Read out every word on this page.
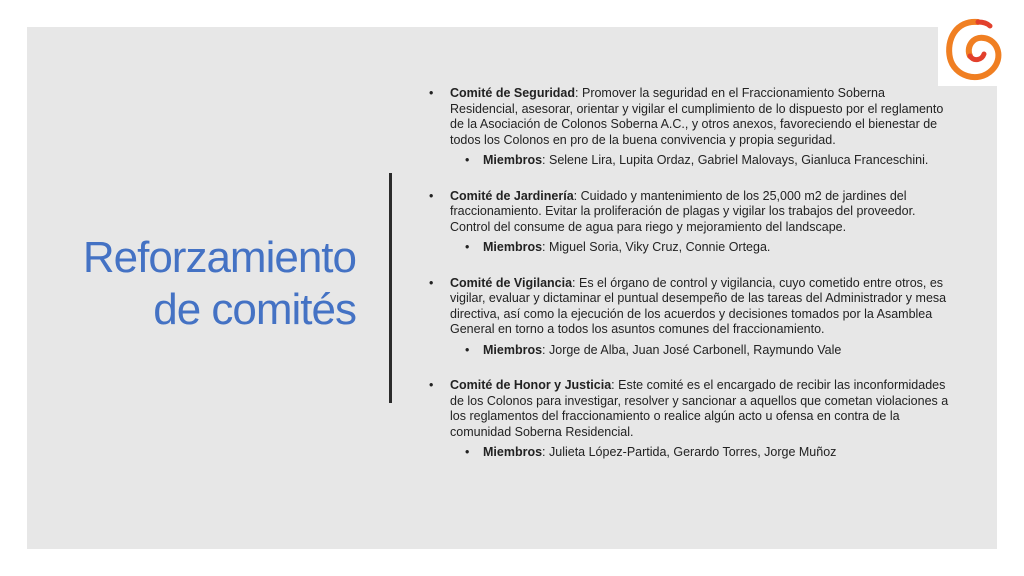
Reforzamiento
de comités
• Comité de Seguridad: Promover la seguridad en el Fraccionamiento Soberna Residencial, asesorar, orientar y vigilar el cumplimiento de lo dispuesto por el reglamento de la Asociación de Colonos Soberna A.C., y otros anexos, favoreciendo el bienestar de todos los Colonos en pro de la buena convivencia y propia seguridad.
• Miembros: Selene Lira, Lupita Ordaz, Gabriel Malovays, Gianluca Franceschini.
• Comité de Jardinería: Cuidado y mantenimiento de los 25,000 m2 de jardines del fraccionamiento. Evitar la proliferación de plagas y vigilar los trabajos del proveedor. Control del consume de agua para riego y mejoramiento del landscape.
• Miembros: Miguel Soria, Viky Cruz, Connie Ortega.
• Comité de Vigilancia: Es el órgano de control y vigilancia, cuyo cometido entre otros, es vigilar, evaluar y dictaminar el puntual desempeño de las tareas del Administrador y mesa directiva, así como la ejecución de los acuerdos y decisiones tomados por la Asamblea General en torno a todos los asuntos comunes del fraccionamiento.
• Miembros: Jorge de Alba, Juan José Carbonell, Raymundo Vale
• Comité de Honor y Justicia: Este comité es el encargado de recibir las inconformidades de los Colonos para investigar, resolver y sancionar a aquellos que cometan violaciones a los reglamentos del fraccionamiento o realice algún acto u ofensa en contra de la comunidad Soberna Residencial.
• Miembros: Julieta López-Partida, Gerardo Torres, Jorge Muñoz
